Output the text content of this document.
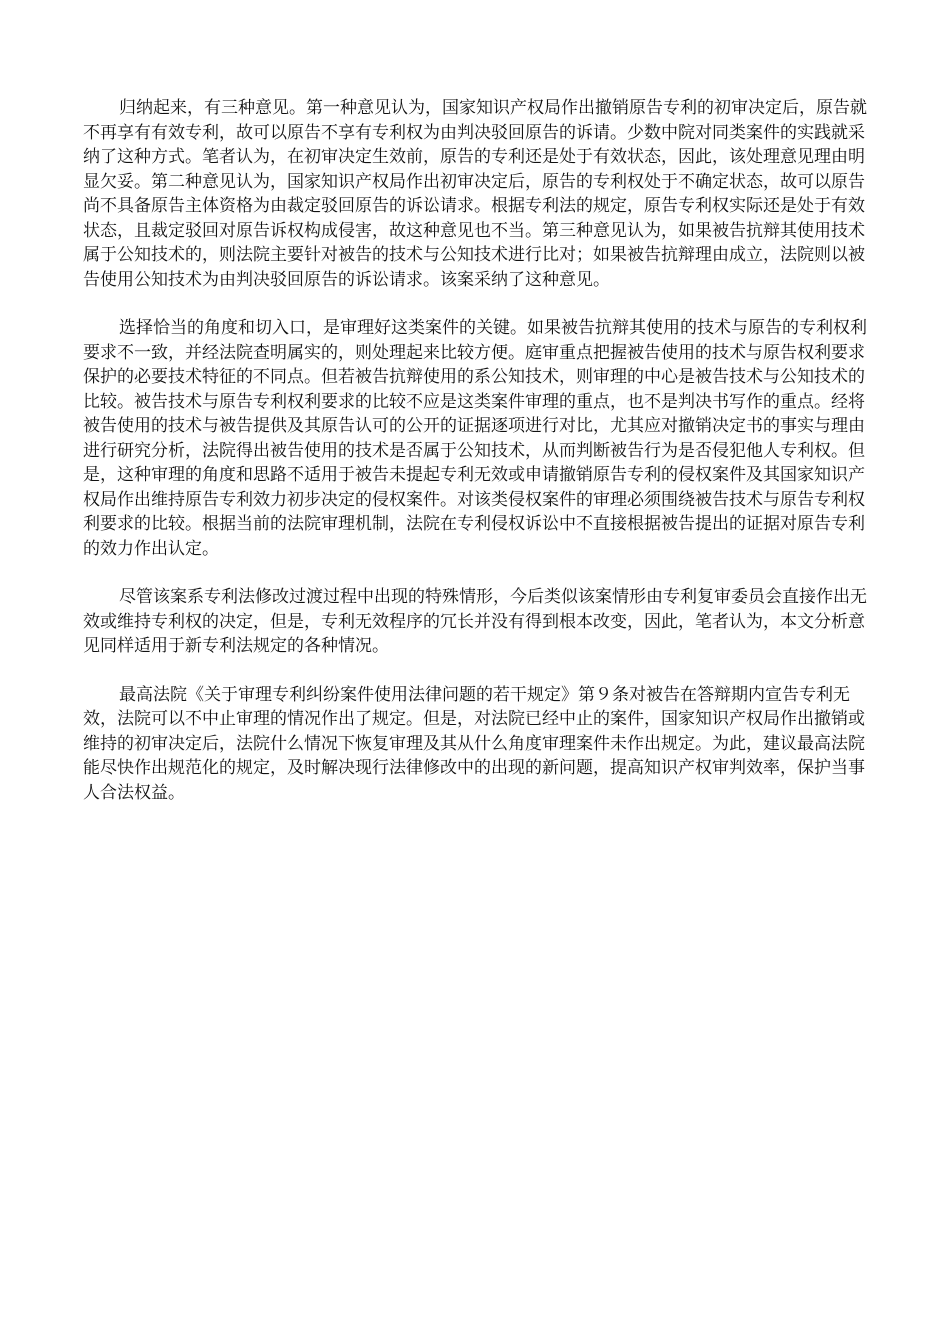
归纳起来，有三种意见。第一种意见认为，国家知识产权局作出撤销原告专利的初审决定后，原告就不再享有有效专利，故可以原告不享有专利权为由判决驳回原告的诉请。少数中院对同类案件的实践就采纳了这种方式。笔者认为，在初审决定生效前，原告的专利还是处于有效状态，因此，该处理意见理由明显欠妥。第二种意见认为，国家知识产权局作出初审决定后，原告的专利权处于不确定状态，故可以原告尚不具备原告主体资格为由裁定驳回原告的诉讼请求。根据专利法的规定，原告专利权实际还是处于有效状态，且裁定驳回对原告诉权构成侵害，故这种意见也不当。第三种意见认为，如果被告抗辩其使用技术属于公知技术的，则法院主要针对被告的技术与公知技术进行比对；如果被告抗辩理由成立，法院则以被告使用公知技术为由判决驳回原告的诉讼请求。该案采纳了这种意见。

选择恰当的角度和切入口，是审理好这类案件的关键。如果被告抗辩其使用的技术与原告的专利权利要求不一致，并经法院查明属实的，则处理起来比较方便。庭审重点把握被告使用的技术与原告权利要求保护的必要技术特征的不同点。但若被告抗辩使用的系公知技术，则审理的中心是被告技术与公知技术的比较。被告技术与原告专利权利要求的比较不应是这类案件审理的重点，也不是判决书写作的重点。经将被告使用的技术与被告提供及其原告认可的公开的证据逐项进行对比，尤其应对撤销决定书的事实与理由进行研究分析，法院得出被告使用的技术是否属于公知技术，从而判断被告行为是否侵犯他人专利权。但是，这种审理的角度和思路不适用于被告未提起专利无效或申请撤销原告专利的侵权案件及其国家知识产权局作出维持原告专利效力初步决定的侵权案件。对该类侵权案件的审理必须围绕被告技术与原告专利权利要求的比较。根据当前的法院审理机制，法院在专利侵权诉讼中不直接根据被告提出的证据对原告专利的效力作出认定。

尽管该案系专利法修改过渡过程中出现的特殊情形，今后类似该案情形由专利复审委员会直接作出无效或维持专利权的决定，但是，专利无效程序的冗长并没有得到根本改变，因此，笔者认为，本文分析意见同样适用于新专利法规定的各种情况。

最高法院《关于审理专利纠纷案件使用法律问题的若干规定》第９条对被告在答辩期内宣告专利无效，法院可以不中止审理的情况作出了规定。但是，对法院已经中止的案件，国家知识产权局作出撤销或维持的初审决定后，法院什么情况下恢复审理及其从什么角度审理案件未作出规定。为此，建议最高法院能尽快作出规范化的规定，及时解决现行法律修改中的出现的新问题，提高知识产权审判效率，保护当事人合法权益。
